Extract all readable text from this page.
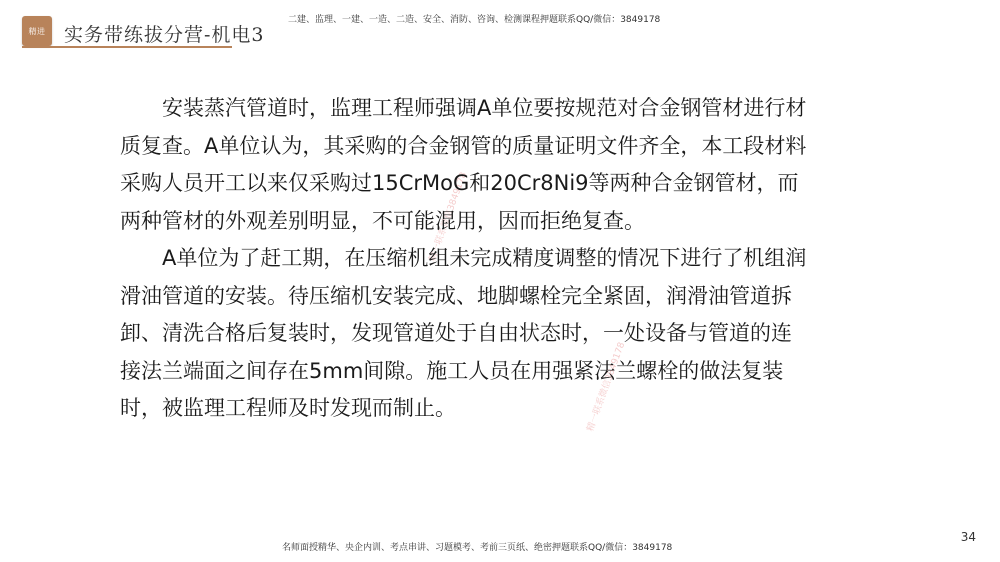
精进 实务带练拔分营-机电3
二建、监理、一建、一造、二造、安全、消防、咨询、检测课程押题联系QQ/微信：3849178
精一联系微信3849178
精一联系微信3849178

安装蒸汽管道时，监理工程师强调A单位要按规范对合金钢管材进行材质复查。A单位认为，其采购的合金钢管的质量证明文件齐全，本工段材料采购人员开工以来仅采购过15CrMoG和20Cr8Ni9等两种合金钢管材，而两种管材的外观差别明显，不可能混用，因而拒绝复查。

A单位为了赶工期，在压缩机组未完成精度调整的情况下进行了机组润滑油管道的安装。待压缩机安装完成、地脚螺栓完全紧固，润滑油管道拆卸、清洗合格后复装时，发现管道处于自由状态时，一处设备与管道的连接法兰端面之间存在5mm间隙。施工人员在用强紧法兰螺栓的做法复装时，被监理工程师及时发现而制止。

名师面授精华、央企内训、考点串讲、习题模考、考前三页纸、绝密押题联系QQ/微信：3849178
34
